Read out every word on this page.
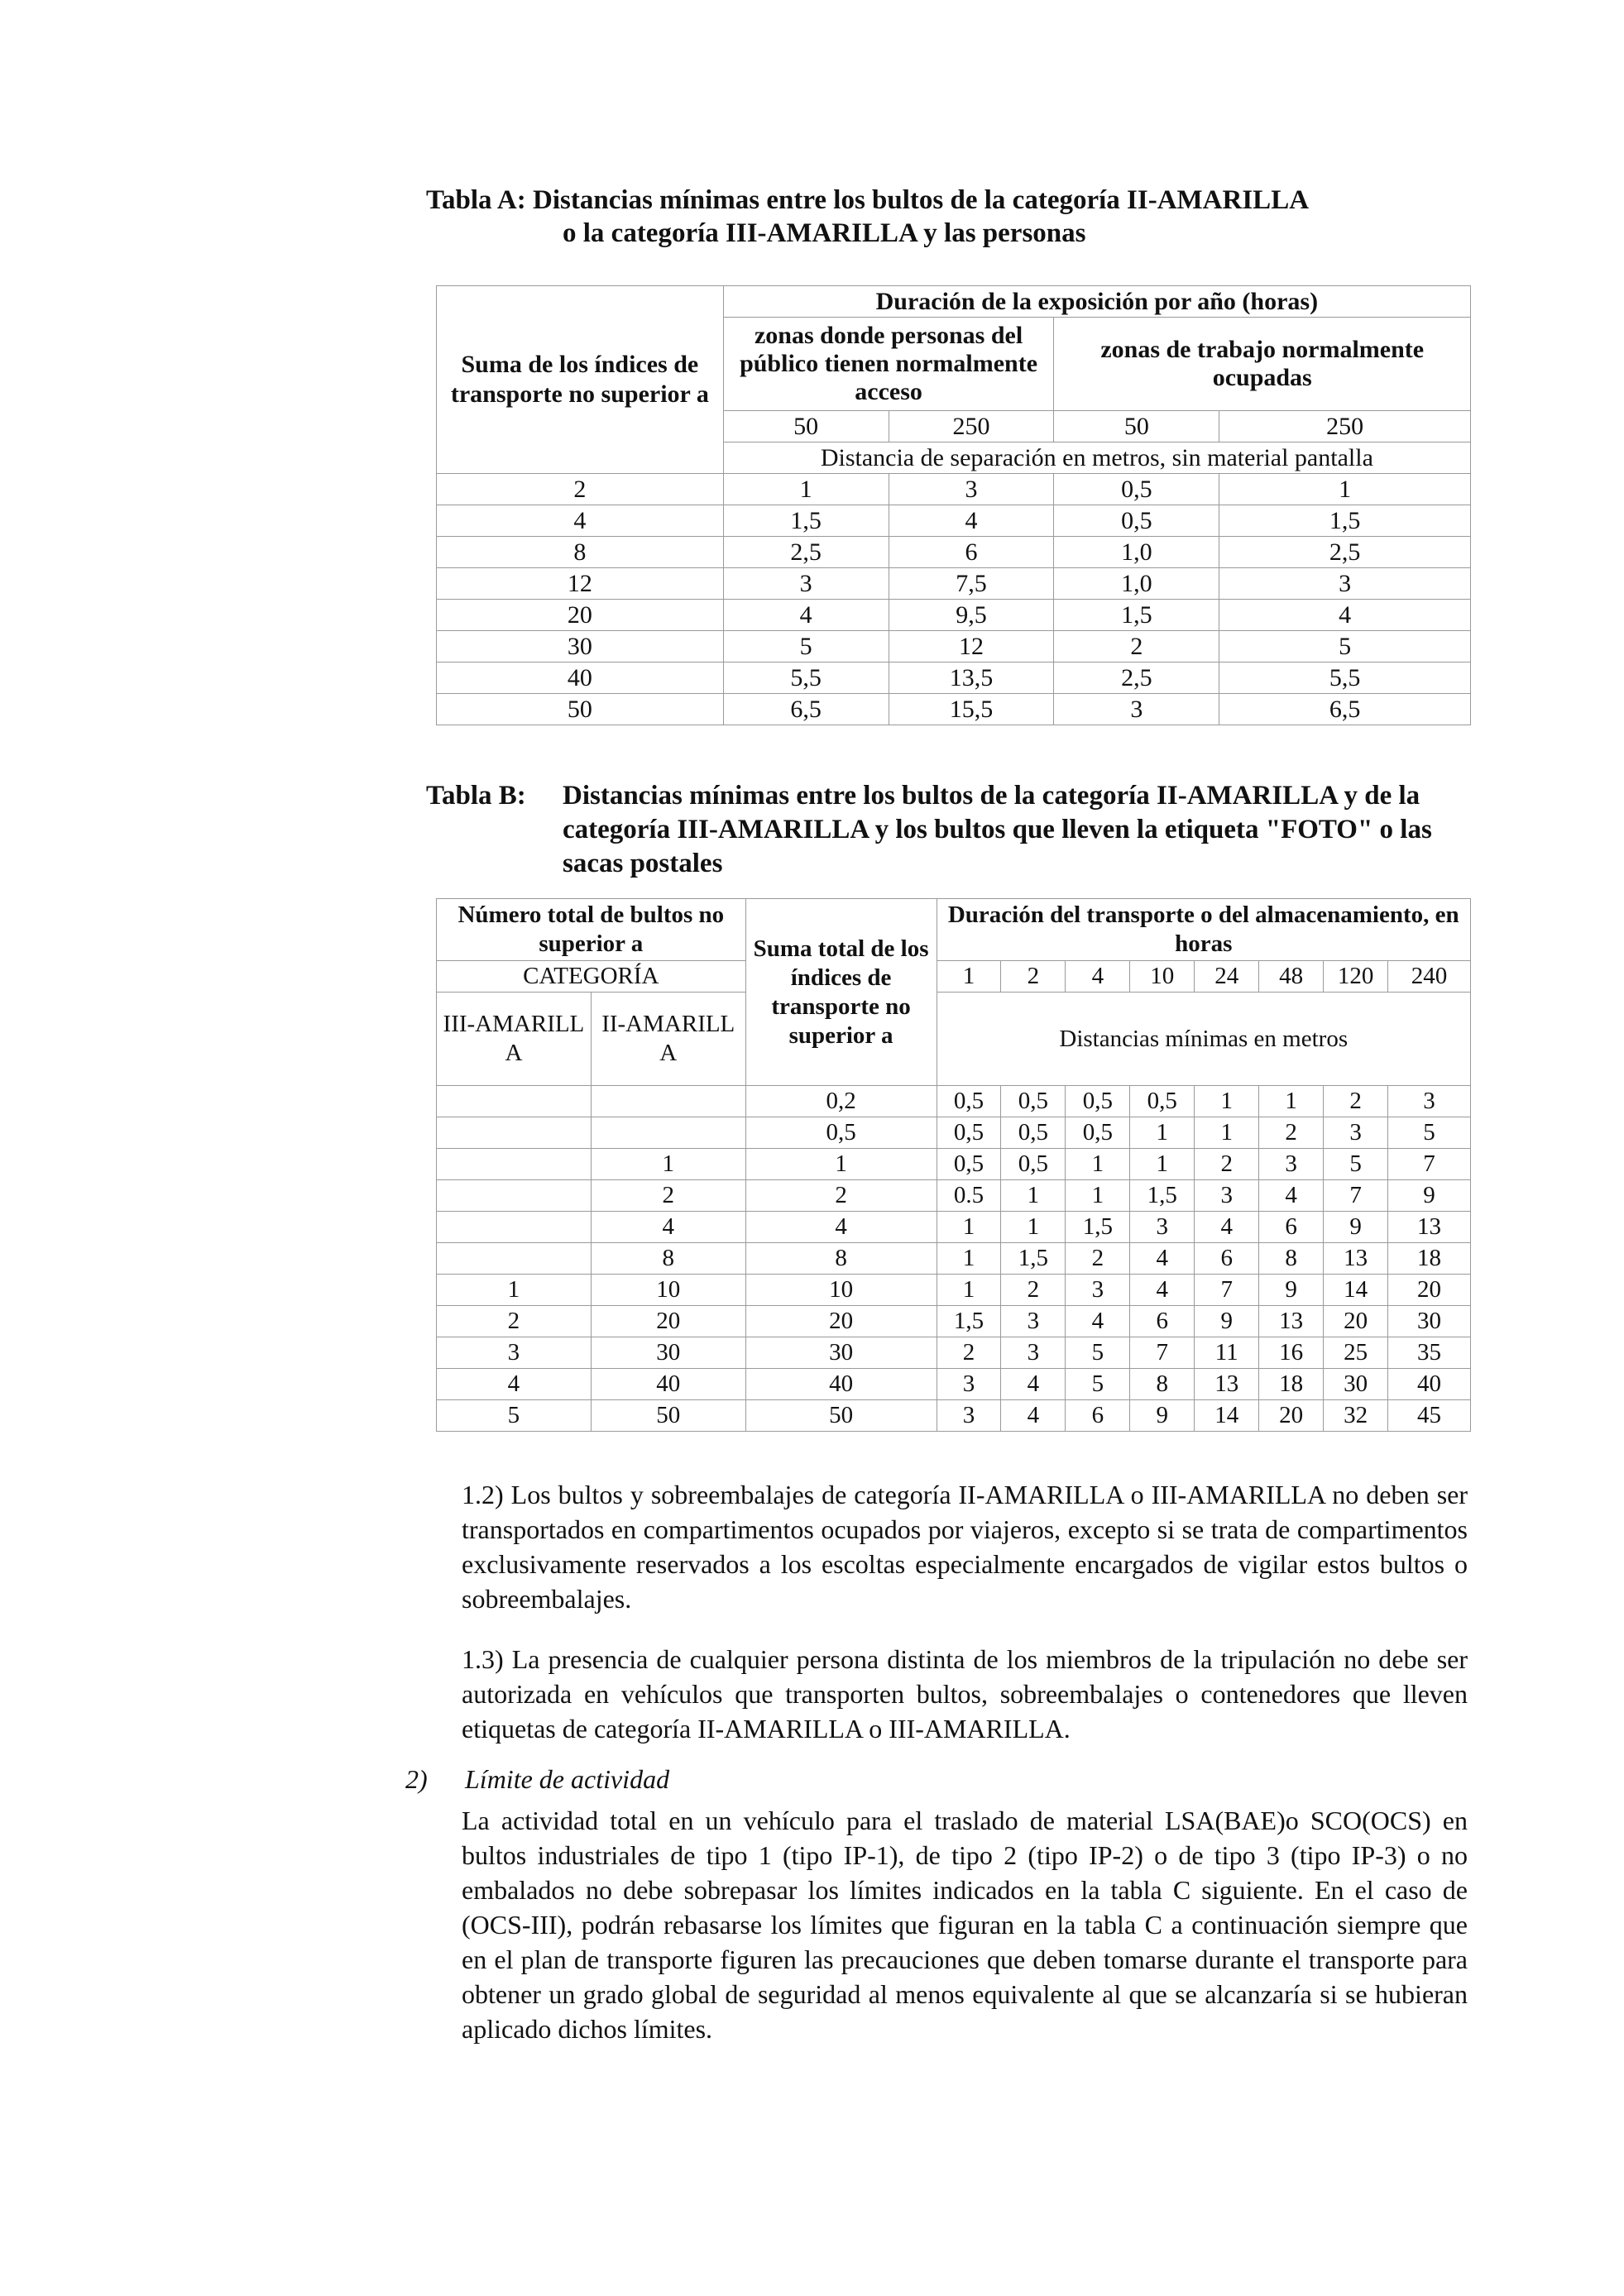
Tabla A: Distancias mínimas entre los bultos de la categoría II-AMARILLA
o la categoría III-AMARILLA y las personas
Suma de los índices de transporte no superior a	Duración de la exposición por año (horas)			
	zonas donde personas del público tienen normalmente acceso		zonas de trabajo normalmente ocupadas	
	50	250	50	250
	Distancia de separación en metros, sin material pantalla			
2	1	3	0,5	1
4	1,5	4	0,5	1,5
8	2,5	6	1,0	2,5
12	3	7,5	1,0	3
20	4	9,5	1,5	4
30	5	12	2	5
40	5,5	13,5	2,5	5,5
50	6,5	15,5	3	6,5
Tabla B: Distancias mínimas entre los bultos de la categoría II-AMARILLA y de la categoría III-AMARILLA y los bultos que lleven la etiqueta "FOTO" o las sacas postales
Número total de bultos no superior a		Suma total de los índices de transporte no superior a	Duración del transporte o del almacenamiento, en horas							
CATEGORÍA			1	2	4	10	24	48	120	240
III-AMARILLA	II-AMARILLA		Distancias mínimas en metros							
		0,2	0,5	0,5	0,5	0,5	1	1	2	3
		0,5	0,5	0,5	0,5	1	1	2	3	5
	1	1	0,5	0,5	1	1	2	3	5	7
	2	2	0.5	1	1	1,5	3	4	7	9
	4	4	1	1	1,5	3	4	6	9	13
	8	8	1	1,5	2	4	6	8	13	18
1	10	10	1	2	3	4	7	9	14	20
2	20	20	1,5	3	4	6	9	13	20	30
3	30	30	2	3	5	7	11	16	25	35
4	40	40	3	4	5	8	13	18	30	40
5	50	50	3	4	6	9	14	20	32	45
1.2) Los bultos y sobreembalajes de categoría II-AMARILLA o III-AMARILLA no deben ser transportados en compartimentos ocupados por viajeros, excepto si se trata de compartimentos exclusivamente reservados a los escoltas especialmente encargados de vigilar estos bultos o sobreembalajes.
1.3) La presencia de cualquier persona distinta de los miembros de la tripulación no debe ser autorizada en vehículos que transporten bultos, sobreembalajes o contenedores que lleven etiquetas de categoría II-AMARILLA o III-AMARILLA.
2) Límite de actividad
La actividad total en un vehículo para el traslado de material LSA(BAE)o SCO(OCS) en bultos industriales de tipo 1 (tipo IP-1), de tipo 2 (tipo IP-2) o de tipo 3 (tipo IP-3) o no embalados no debe sobrepasar los límites indicados en la tabla C siguiente. En el caso de (OCS-III), podrán rebasarse los límites que figuran en la tabla C a continuación siempre que en el plan de transporte figuren las precauciones que deben tomarse durante el transporte para obtener un grado global de seguridad al menos equivalente al que se alcanzaría si se hubieran aplicado dichos límites.
